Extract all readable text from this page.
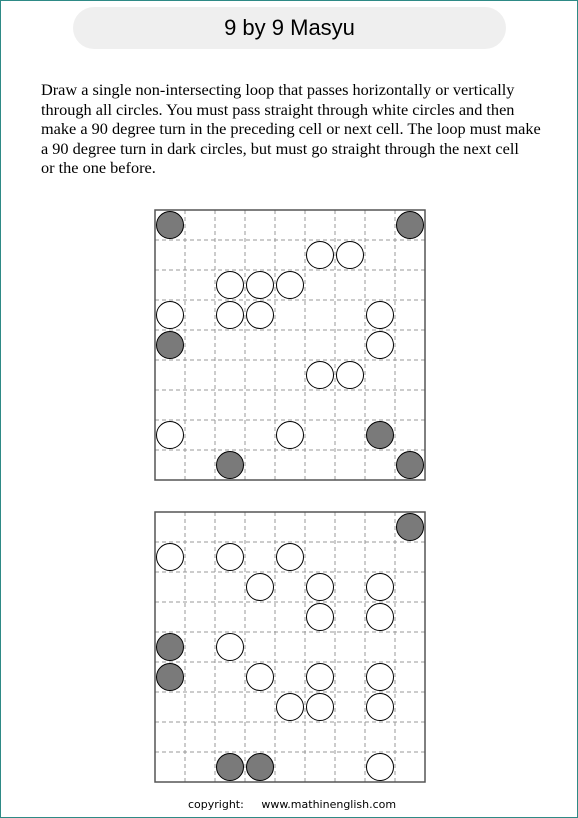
9 by 9 Masyu
Draw a single non-intersecting loop that passes horizontally or vertically
through all circles. You must pass straight through white circles and then
make a 90 degree turn in the preceding cell or next cell. The loop must make
a 90 degree turn in dark circles, but must go straight through the next cell
or the one before.
copyright: www.mathinenglish.com
